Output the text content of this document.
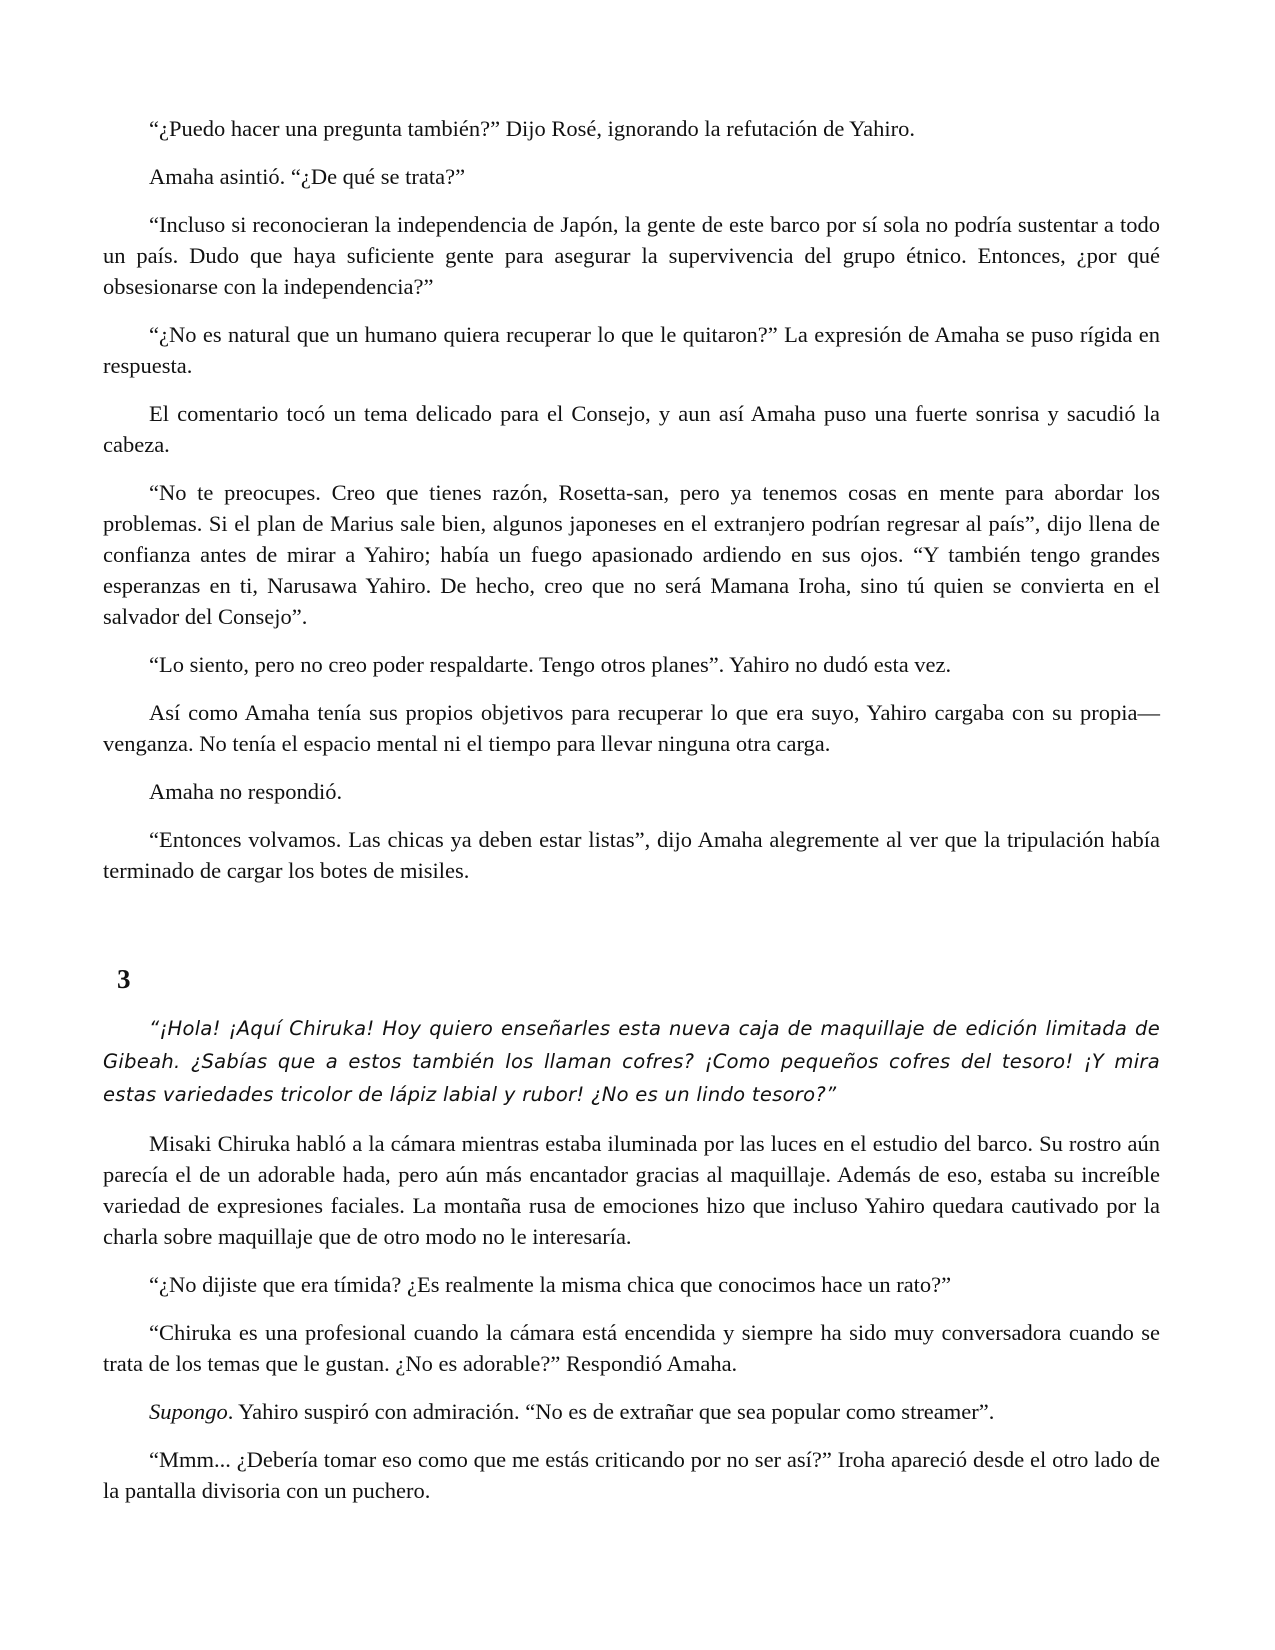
“¿Puedo hacer una pregunta también?” Dijo Rosé, ignorando la refutación de Yahiro.

Amaha asintió. “¿De qué se trata?”

“Incluso si reconocieran la independencia de Japón, la gente de este barco por sí sola no podría sustentar a todo un país. Dudo que haya suficiente gente para asegurar la supervivencia del grupo étnico. Entonces, ¿por qué obsesionarse con la independencia?”

“¿No es natural que un humano quiera recuperar lo que le quitaron?” La expresión de Amaha se puso rígida en respuesta.

El comentario tocó un tema delicado para el Consejo, y aun así Amaha puso una fuerte sonrisa y sacudió la cabeza.

“No te preocupes. Creo que tienes razón, Rosetta-san, pero ya tenemos cosas en mente para abordar los problemas. Si el plan de Marius sale bien, algunos japoneses en el extranjero podrían regresar al país”, dijo llena de confianza antes de mirar a Yahiro; había un fuego apasionado ardiendo en sus ojos. “Y también tengo grandes esperanzas en ti, Narusawa Yahiro. De hecho, creo que no será Mamana Iroha, sino tú quien se convierta en el salvador del Consejo”.

“Lo siento, pero no creo poder respaldarte. Tengo otros planes”. Yahiro no dudó esta vez.

Así como Amaha tenía sus propios objetivos para recuperar lo que era suyo, Yahiro cargaba con su propia—venganza. No tenía el espacio mental ni el tiempo para llevar ninguna otra carga.

Amaha no respondió.

“Entonces volvamos. Las chicas ya deben estar listas”, dijo Amaha alegremente al ver que la tripulación había terminado de cargar los botes de misiles.

3

“¡Hola! ¡Aquí Chiruka! Hoy quiero enseñarles esta nueva caja de maquillaje de edición limitada de Gibeah. ¿Sabías que a estos también los llaman cofres? ¡Como pequeños cofres del tesoro! ¡Y mira estas variedades tricolor de lápiz labial y rubor! ¿No es un lindo tesoro?”

Misaki Chiruka habló a la cámara mientras estaba iluminada por las luces en el estudio del barco. Su rostro aún parecía el de un adorable hada, pero aún más encantador gracias al maquillaje. Además de eso, estaba su increíble variedad de expresiones faciales. La montaña rusa de emociones hizo que incluso Yahiro quedara cautivado por la charla sobre maquillaje que de otro modo no le interesaría.

“¿No dijiste que era tímida? ¿Es realmente la misma chica que conocimos hace un rato?”

“Chiruka es una profesional cuando la cámara está encendida y siempre ha sido muy conversadora cuando se trata de los temas que le gustan. ¿No es adorable?” Respondió Amaha.

Supongo. Yahiro suspiró con admiración. “No es de extrañar que sea popular como streamer”.

“Mmm... ¿Debería tomar eso como que me estás criticando por no ser así?” Iroha apareció desde el otro lado de la pantalla divisoria con un puchero.
